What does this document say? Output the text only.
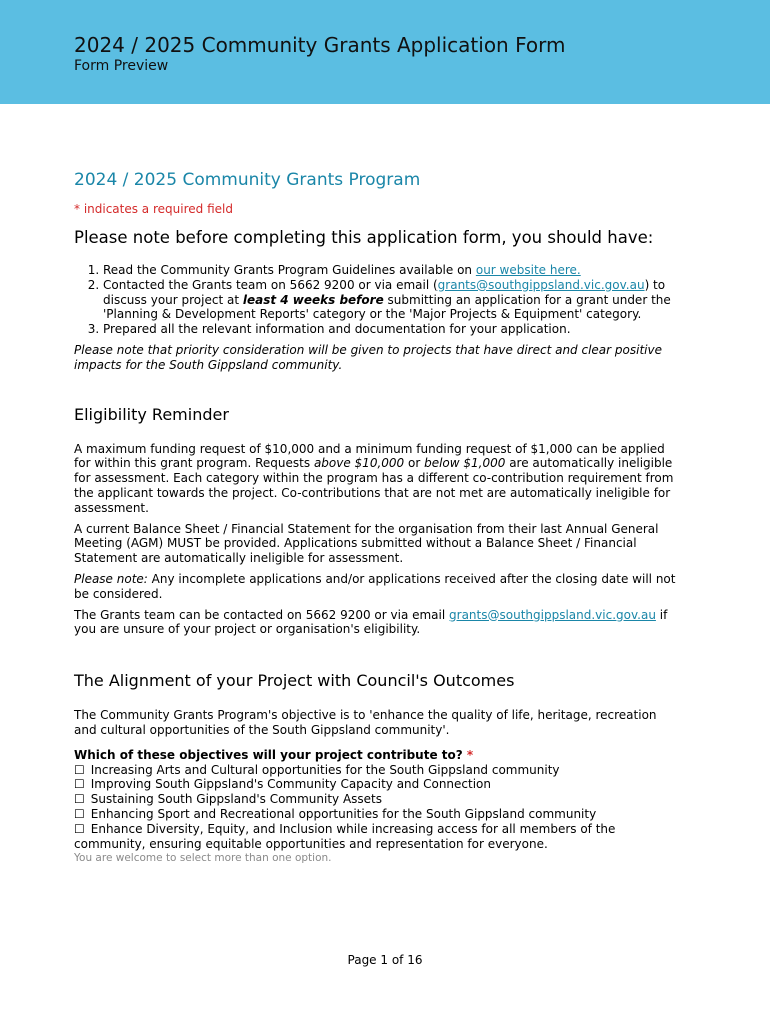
2024 / 2025 Community Grants Application Form
Form Preview
2024 / 2025 Community Grants Program
* indicates a required field
Please note before completing this application form, you should have:
1. Read the Community Grants Program Guidelines available on our website here.
2. Contacted the Grants team on 5662 9200 or via email (grants@southgippsland.vic.gov.au) to discuss your project at least 4 weeks before submitting an application for a grant under the 'Planning & Development Reports' category or the 'Major Projects & Equipment' category.
3. Prepared all the relevant information and documentation for your application.
Please note that priority consideration will be given to projects that have direct and clear positive impacts for the South Gippsland community.
Eligibility Reminder
A maximum funding request of $10,000 and a minimum funding request of $1,000 can be applied for within this grant program. Requests above $10,000 or below $1,000 are automatically ineligible for assessment. Each category within the program has a different co-contribution requirement from the applicant towards the project. Co-contributions that are not met are automatically ineligible for assessment.
A current Balance Sheet / Financial Statement for the organisation from their last Annual General Meeting (AGM) MUST be provided. Applications submitted without a Balance Sheet / Financial Statement are automatically ineligible for assessment.
Please note: Any incomplete applications and/or applications received after the closing date will not be considered.
The Grants team can be contacted on 5662 9200 or via email grants@southgippsland.vic.gov.au if you are unsure of your project or organisation's eligibility.
The Alignment of your Project with Council's Outcomes
The Community Grants Program's objective is to 'enhance the quality of life, heritage, recreation and cultural opportunities of the South Gippsland community'.
Which of these objectives will your project contribute to? *
☐ Increasing Arts and Cultural opportunities for the South Gippsland community
☐ Improving South Gippsland's Community Capacity and Connection
☐ Sustaining South Gippsland's Community Assets
☐ Enhancing Sport and Recreational opportunities for the South Gippsland community
☐ Enhance Diversity, Equity, and Inclusion while increasing access for all members of the community, ensuring equitable opportunities and representation for everyone.
You are welcome to select more than one option.
Page 1 of 16
